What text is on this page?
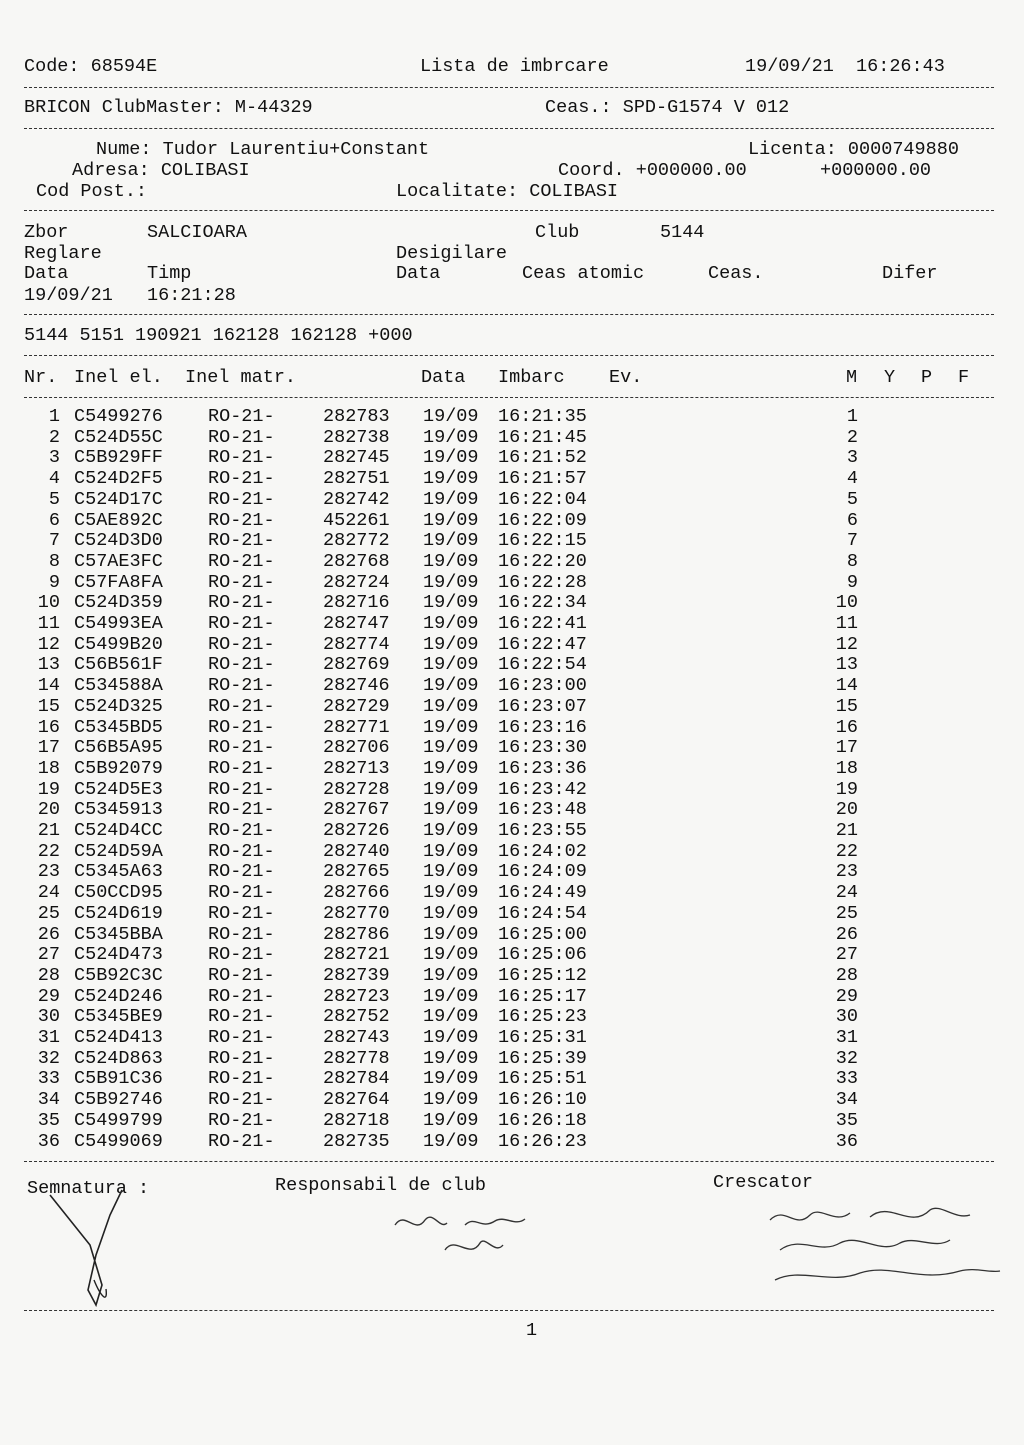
Code: 68594E	Lista de imbrcare	19/09/21  16:26:43
BRICON ClubMaster: M-44329	Ceas.: SPD-G1574 V 012
Nume: Tudor Laurentiu+Constant	Licenta: 0000749880
Adresa: COLIBASI	Coord. +000000.00	+000000.00
Cod Post.:	Localitate: COLIBASI
Zbor	SALCIOARA	Club	5144
Reglare	Desigilare
Data	Timp	Data	Ceas atomic	Ceas.	Difer
19/09/21 16:21:28
5144 5151 190921 162128 162128 +000
Nr. Inel el. Inel matr.	Data Imbarc Ev.	M Y P F
1 C5499276 RO-21-	282783 19/09 16:21:35	1
2 C524D55C RO-21-	282738 19/09 16:21:45	2
3 C5B929FF RO-21-	282745 19/09 16:21:52	3
4 C524D2F5 RO-21-	282751 19/09 16:21:57	4
5 C524D17C RO-21-	282742 19/09 16:22:04	5
6 C5AE892C RO-21-	452261 19/09 16:22:09	6
7 C524D3D0 RO-21-	282772 19/09 16:22:15	7
8 C57AE3FC RO-21-	282768 19/09 16:22:20	8
9 C57FA8FA RO-21-	282724 19/09 16:22:28	9
10 C524D359 RO-21-	282716 19/09 16:22:34	10
11 C54993EA RO-21-	282747 19/09 16:22:41	11
12 C5499B20 RO-21-	282774 19/09 16:22:47	12
13 C56B561F RO-21-	282769 19/09 16:22:54	13
14 C534588A RO-21-	282746 19/09 16:23:00	14
15 C524D325 RO-21-	282729 19/09 16:23:07	15
16 C5345BD5 RO-21-	282771 19/09 16:23:16	16
17 C56B5A95 RO-21-	282706 19/09 16:23:30	17
18 C5B92079 RO-21-	282713 19/09 16:23:36	18
19 C524D5E3 RO-21-	282728 19/09 16:23:42	19
20 C5345913 RO-21-	282767 19/09 16:23:48	20
21 C524D4CC RO-21-	282726 19/09 16:23:55	21
22 C524D59A RO-21-	282740 19/09 16:24:02	22
23 C5345A63 RO-21-	282765 19/09 16:24:09	23
24 C50CCD95 RO-21-	282766 19/09 16:24:49	24
25 C524D619 RO-21-	282770 19/09 16:24:54	25
26 C5345BBA RO-21-	282786 19/09 16:25:00	26
27 C524D473 RO-21-	282721 19/09 16:25:06	27
28 C5B92C3C RO-21-	282739 19/09 16:25:12	28
29 C524D246 RO-21-	282723 19/09 16:25:17	29
30 C5345BE9 RO-21-	282752 19/09 16:25:23	30
31 C524D413 RO-21-	282743 19/09 16:25:31	31
32 C524D863 RO-21-	282778 19/09 16:25:39	32
33 C5B91C36 RO-21-	282784 19/09 16:25:51	33
34 C5B92746 RO-21-	282764 19/09 16:26:10	34
35 C5499799 RO-21-	282718 19/09 16:26:18	35
36 C5499069 RO-21-	282735 19/09 16:26:23	36
Semnatura :	Responsabil de club	Crescator
1
